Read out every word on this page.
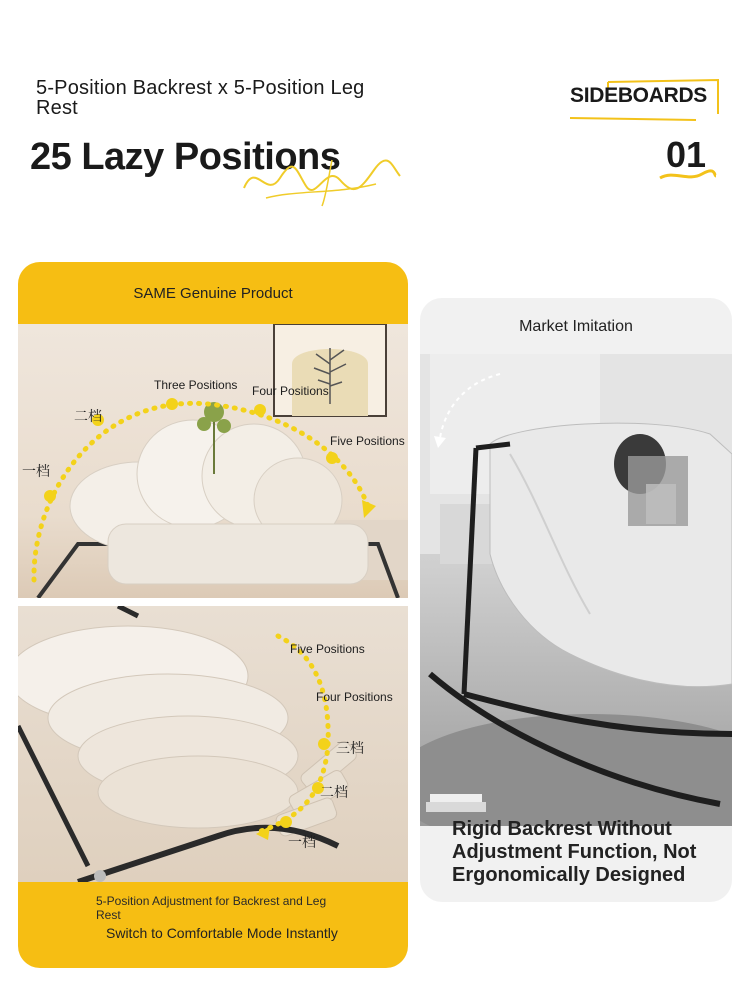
5-Position Backrest x 5-Position Leg Rest
25 Lazy Positions
SIDEBOARDS
01
SAME Genuine Product
一档
二档
Three Positions Four Positions
Five Positions
Five Positions
Four Positions
三档
二档
一档
5-Position Adjustment for Backrest and Leg Rest
Switch to Comfortable Mode Instantly
Market Imitation
Rigid Backrest Without Adjustment Function, Not Ergonomically Designed
